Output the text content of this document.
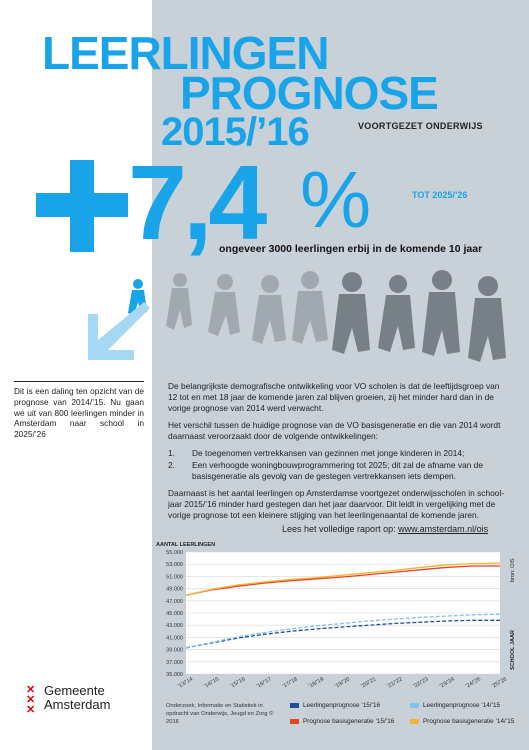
LEERLINGEN
PROGNOSE
2015/’16	VOORTGEZET ONDERWIJS
7,4 %	TOT 2025/’26
ongeveer 3000 leerlingen erbij in de komende 10 jaar
Dit is een daling ten opzicht van de prognose van 2014/’15. Nu gaan we uit van 800 leerlingen minder in Amsterdam naar school in 2025/’26

De belangrijkste demografische ontwikkeling voor VO scholen is dat de leeftijdsgroep van 12 tot en met 18 jaar de komende jaren zal blijven groeien, zij het minder hard dan in de vorige prognose van 2014 werd verwacht.

Het verschil tussen de huidige prognose van de VO basisgeneratie en die van 2014 wordt daarnaast veroorzaakt door de volgende ontwikkelingen:

1.	De toegenomen vertrekkansen van gezinnen met jonge kinderen in 2014;
2.	Een verhoogde woningbouwprogrammering tot 2025; dit zal de afname van de basisgeneratie als gevolg van de gestegen vertrekkansen iets dempen.

Daarnaast is het aantal leerlingen op Amsterdamse voortgezet onderwijsscholen in school-jaar 2015/’16 minder hard gestegen dan het jaar daarvoor. Dit leidt in vergelijking met de vorige prognose tot een kleinere stijging van het leerlingenaantal de komende jaren.

Lees het volledige raport op: www.amsterdam.nl/ois
35.000
37.000
39.000
41.000
43.000
45.000
47.000
49.000
51.000
53.000
55.000
’13/’14 ’14/’15 ’15/’16 ’16/’17 ’17/’18 ’18/’19 ’19/’20 ’20/’21 ’21/’22 ’22/’23 ’23/’24 ’24/’25 ’25/’26
AANTAL LEERLINGEN
SCHOOL JAAR
bron: OIS
Onderzoek, Informatie en Statistiek in opdracht van Onderwijs, Jeugd en Zorg © 2016
Leerlingenprognose ’15/’16	Leerlingenprognose ’14/’15
Prognose basisgeneratie ’15/’16	Prognose basisgeneratie ’14/’15
✕
✕
✕
Gemeente
Amsterdam
